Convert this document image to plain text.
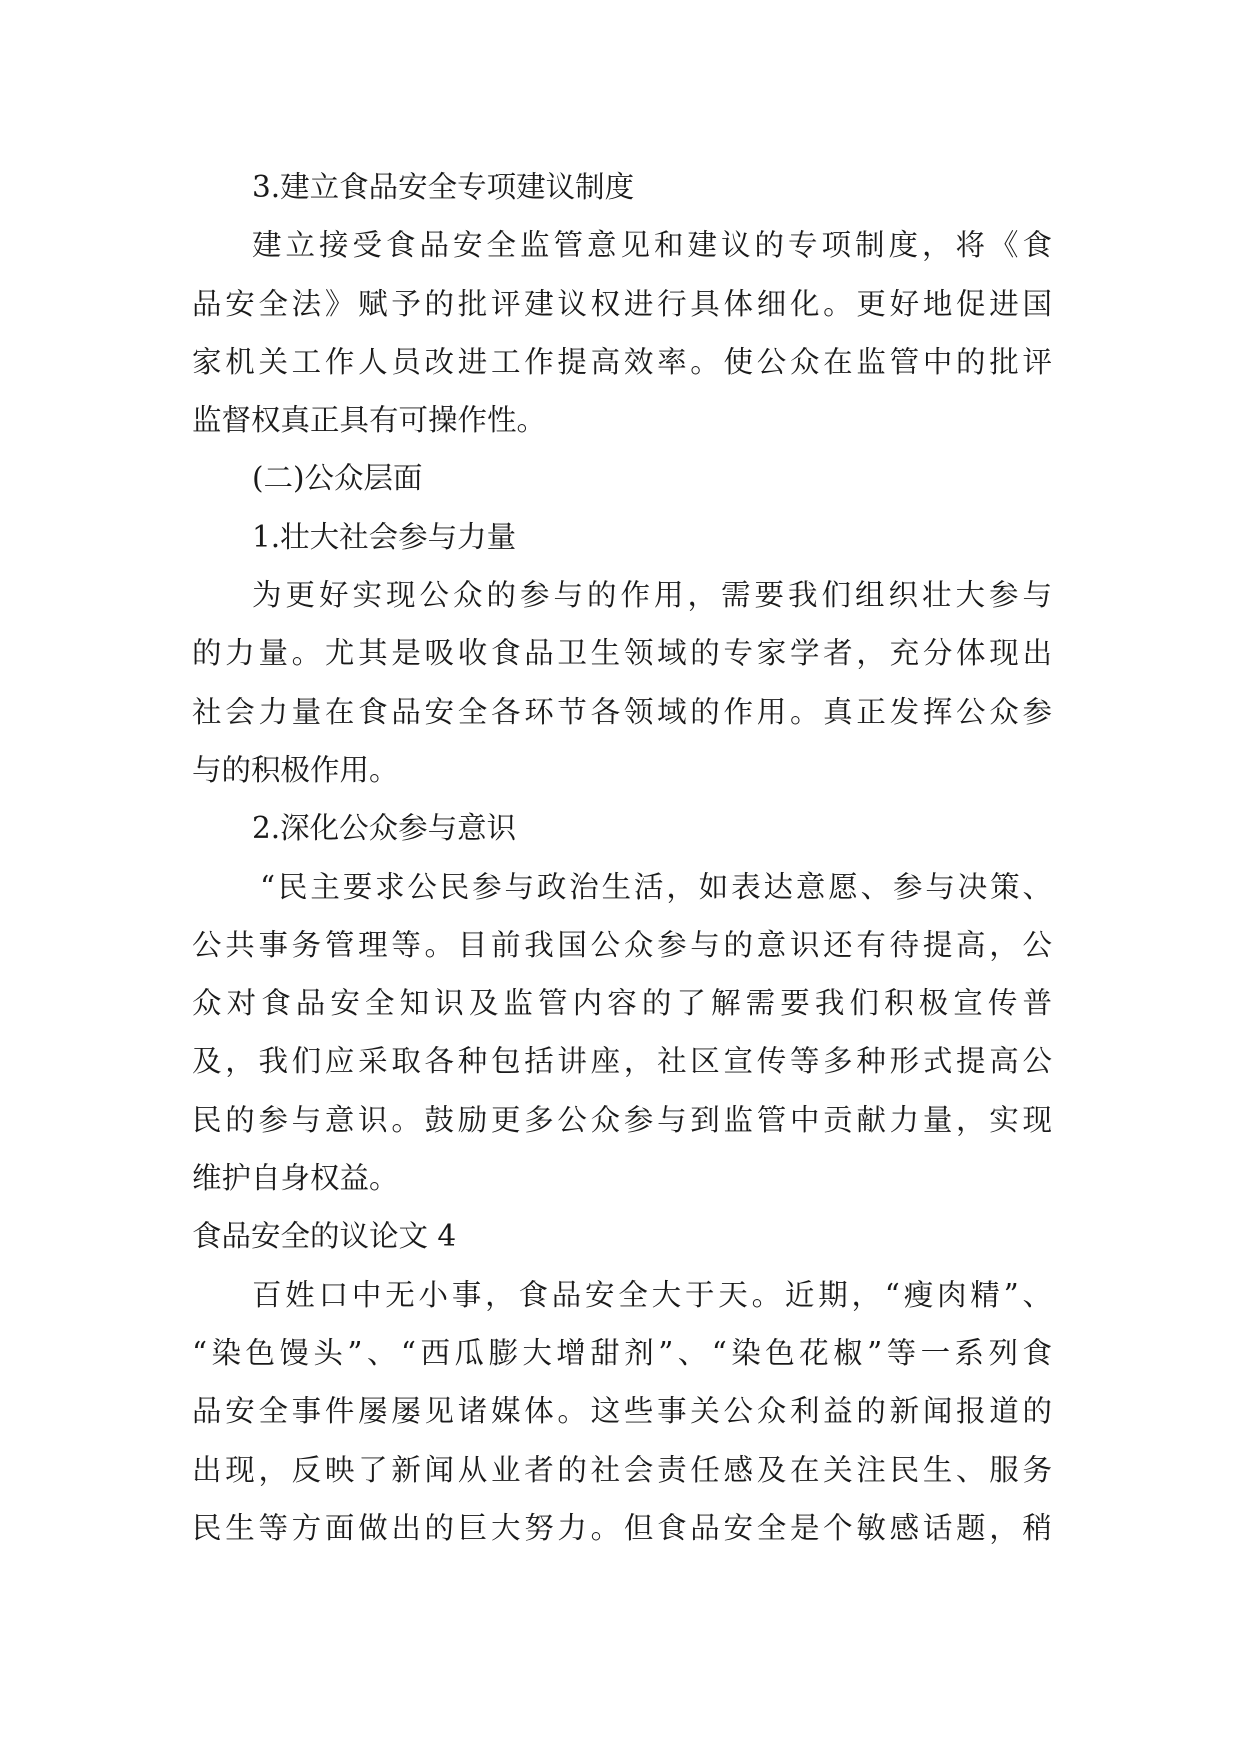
3.建立食品安全专项建议制度
建立接受食品安全监管意见和建议的专项制度，将《食
品安全法》赋予的批评建议权进行具体细化。更好地促进国
家机关工作人员改进工作提高效率。使公众在监管中的批评
监督权真正具有可操作性。
(二)公众层面
1.壮大社会参与力量
为更好实现公众的参与的作用，需要我们组织壮大参与
的力量。尤其是吸收食品卫生领域的专家学者，充分体现出
社会力量在食品安全各环节各领域的作用。真正发挥公众参
与的积极作用。
2.深化公众参与意识
“民主要求公民参与政治生活，如表达意愿、参与决策、
公共事务管理等。目前我国公众参与的意识还有待提高，公
众对食品安全知识及监管内容的了解需要我们积极宣传普
及，我们应采取各种包括讲座，社区宣传等多种形式提高公
民的参与意识。鼓励更多公众参与到监管中贡献力量，实现
维护自身权益。
食品安全的议论文 4
百姓口中无小事，食品安全大于天。近期，“瘦肉精”、
“染色馒头”、“西瓜膨大增甜剂”、“染色花椒”等一系列食
品安全事件屡屡见诸媒体。这些事关公众利益的新闻报道的
出现，反映了新闻从业者的社会责任感及在关注民生、服务
民生等方面做出的巨大努力。但食品安全是个敏感话题，稍
